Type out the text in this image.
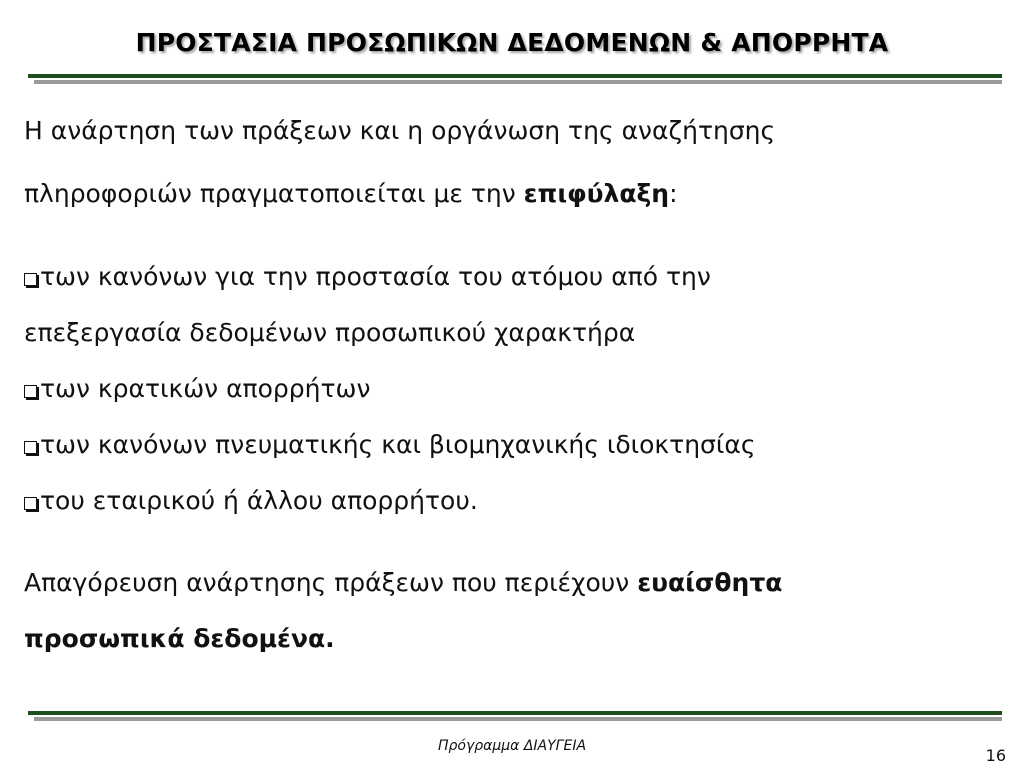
ΠΡΟΣΤΑΣΙΑ ΠΡΟΣΩΠΙΚΩΝ ΔΕΔΟΜΕΝΩΝ & ΑΠΟΡΡΗΤΑ
Η ανάρτηση των πράξεων και η οργάνωση της αναζήτησης
πληροφοριών πραγματοποιείται με την επιφύλαξη:
των κανόνων για την προστασία του ατόμου από την
επεξεργασία δεδομένων προσωπικού χαρακτήρα
των κρατικών απορρήτων
των κανόνων πνευματικής και βιομηχανικής ιδιοκτησίας
του εταιρικού ή άλλου απορρήτου.
Απαγόρευση ανάρτησης πράξεων που περιέχουν ευαίσθητα
προσωπικά δεδομένα.
Πρόγραμμα ΔΙΑΥΓΕΙΑ	16
